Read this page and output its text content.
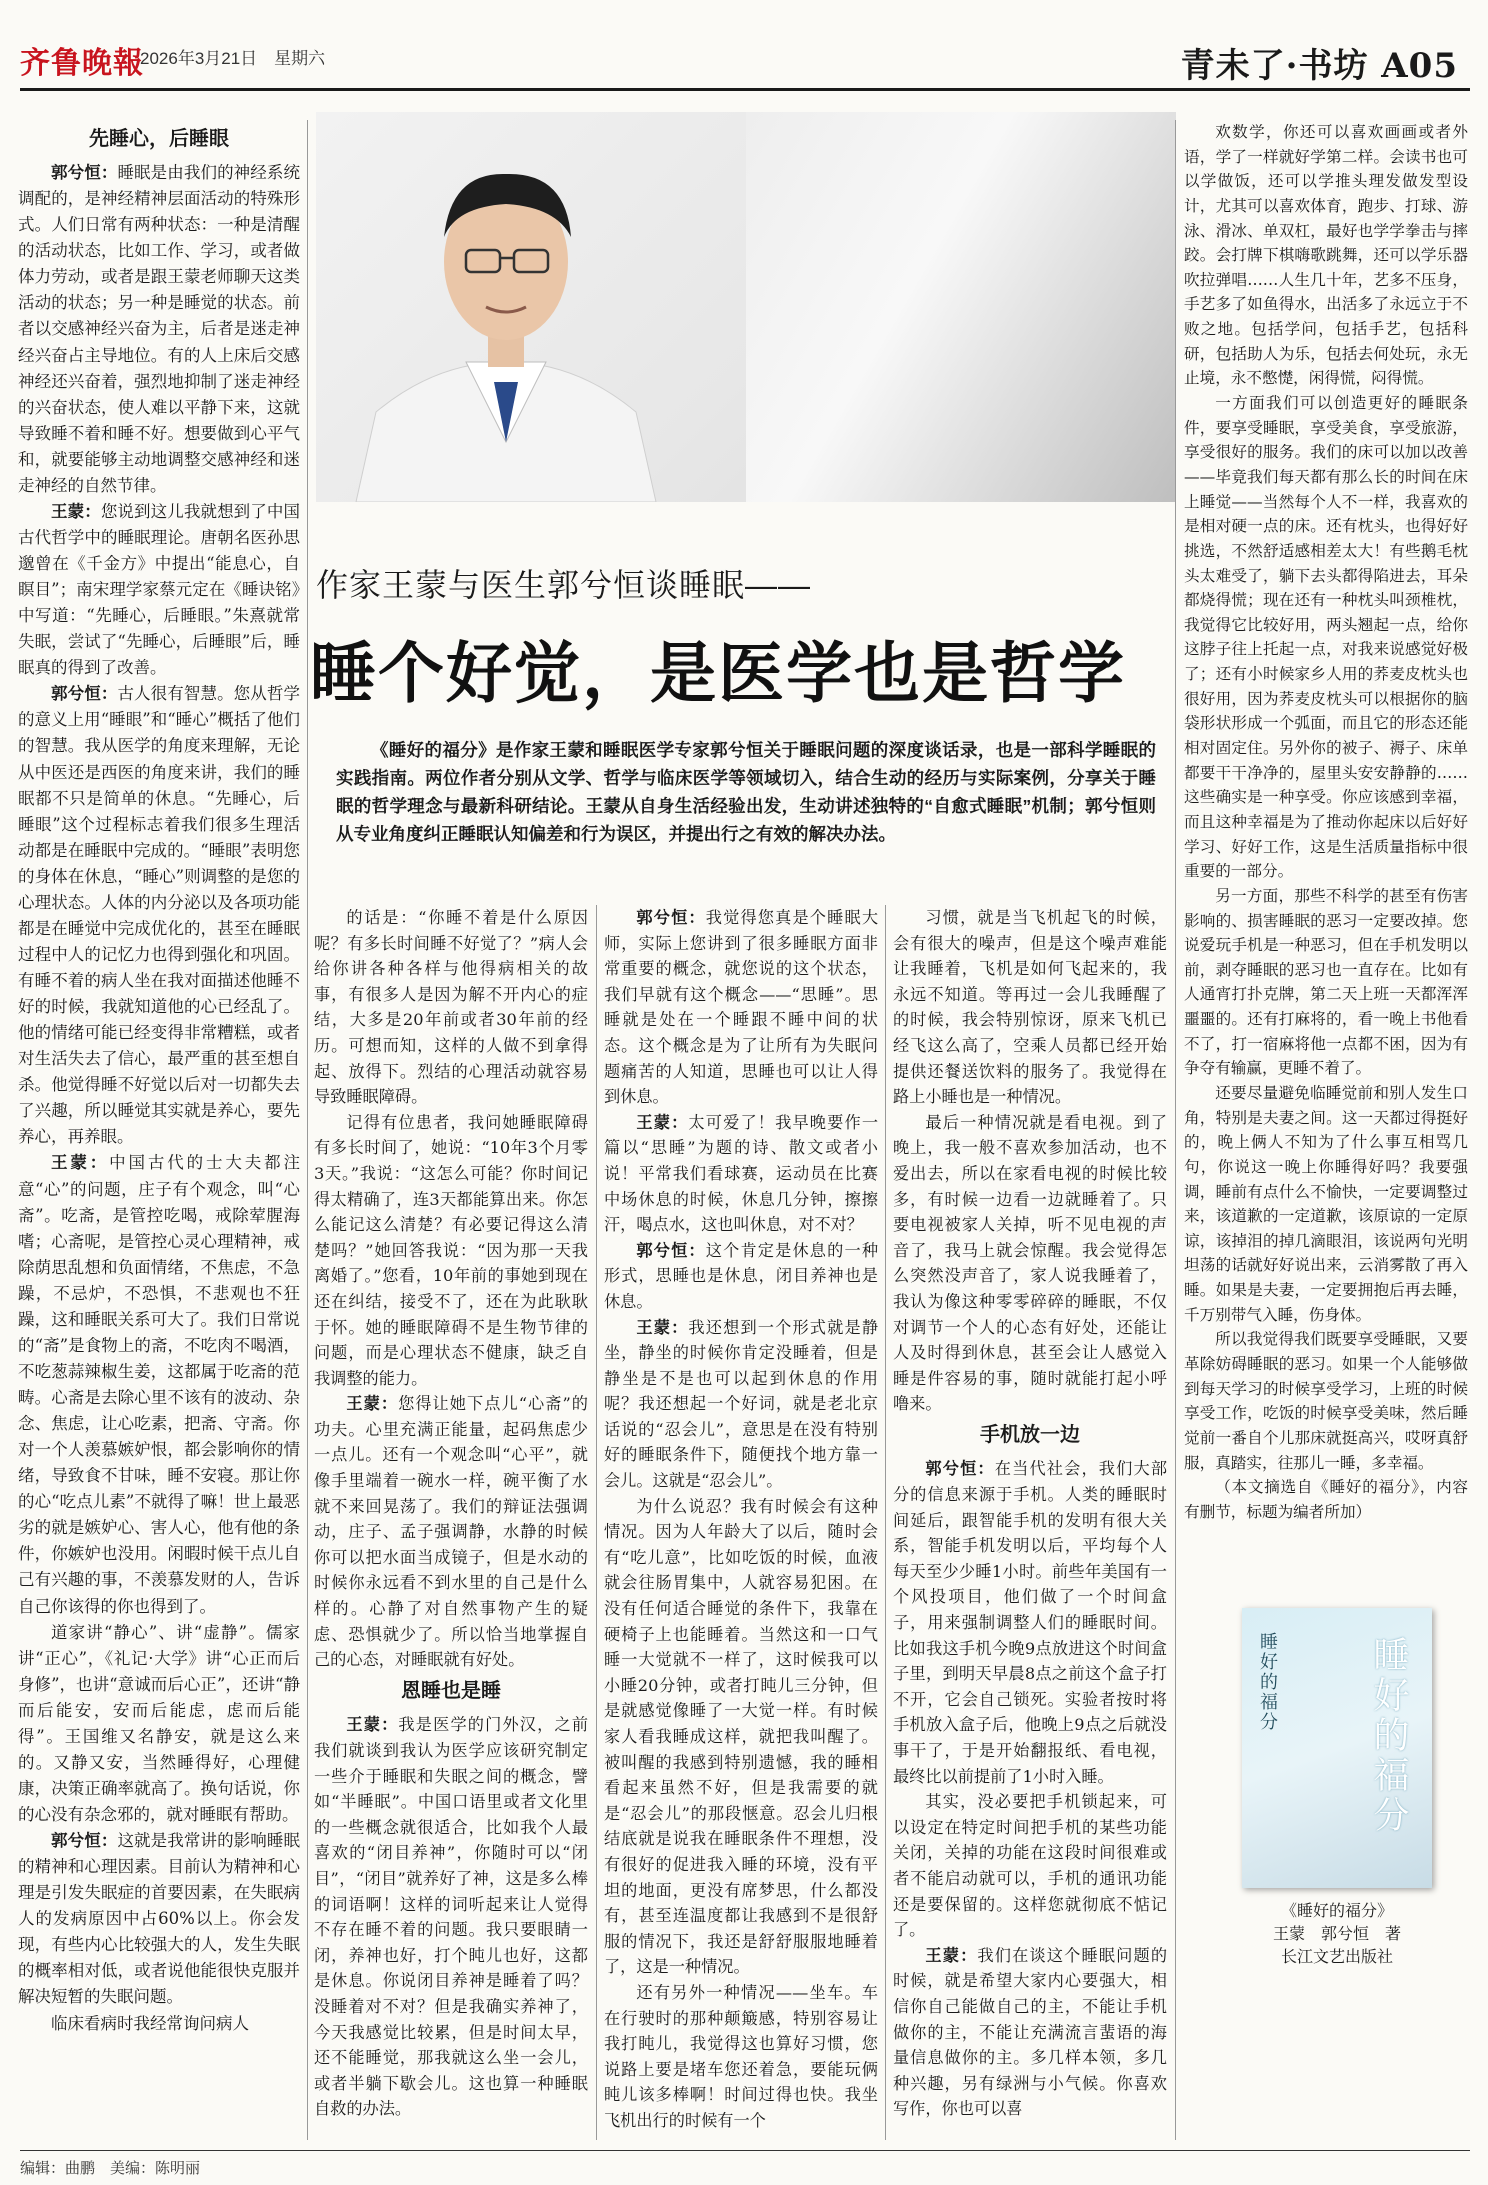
齐鲁晚報
2026年3月21日　星期六	青未了·书坊 A05
先睡心，后睡眼

郭兮恒：睡眠是由我们的神经系统调配的，是神经精神层面活动的特殊形式。人们日常有两种状态：一种是清醒的活动状态，比如工作、学习，或者做体力劳动，或者是跟王蒙老师聊天这类活动的状态；另一种是睡觉的状态。前者以交感神经兴奋为主，后者是迷走神经兴奋占主导地位。有的人上床后交感神经还兴奋着，强烈地抑制了迷走神经的兴奋状态，使人难以平静下来，这就导致睡不着和睡不好。想要做到心平气和，就要能够主动地调整交感神经和迷走神经的自然节律。

王蒙：您说到这儿我就想到了中国古代哲学中的睡眠理论。唐朝名医孙思邈曾在《千金方》中提出“能息心，自瞑目”；南宋理学家蔡元定在《睡诀铭》中写道：“先睡心，后睡眼。”朱熹就常失眠，尝试了“先睡心，后睡眼”后，睡眠真的得到了改善。

郭兮恒：古人很有智慧。您从哲学的意义上用“睡眼”和“睡心”概括了他们的智慧。我从医学的角度来理解，无论从中医还是西医的角度来讲，我们的睡眠都不只是简单的休息。“先睡心，后睡眼”这个过程标志着我们很多生理活动都是在睡眠中完成的。“睡眼”表明您的身体在休息，“睡心”则调整的是您的心理状态。人体的内分泌以及各项功能都是在睡觉中完成优化的，甚至在睡眠过程中人的记忆力也得到强化和巩固。有睡不着的病人坐在我对面描述他睡不好的时候，我就知道他的心已经乱了。他的情绪可能已经变得非常糟糕，或者对生活失去了信心，最严重的甚至想自杀。他觉得睡不好觉以后对一切都失去了兴趣，所以睡觉其实就是养心，要先养心，再养眼。

王蒙：中国古代的士大夫都注意“心”的问题，庄子有个观念，叫“心斋”。吃斋，是管控吃喝，戒除荤腥海嗜；心斋呢，是管控心灵心理精神，戒除荫思乱想和负面情绪，不焦虑，不急躁，不忌炉，不恐惧，不悲观也不狂躁，这和睡眠关系可大了。我们日常说的“斋”是食物上的斋，不吃肉不喝酒，不吃葱蒜辣椒生姜，这都属于吃斋的范畴。心斋是去除心里不该有的波动、杂念、焦虑，让心吃素，把斋、守斋。你对一个人羡慕嫉妒恨，都会影响你的情绪，导致食不甘味，睡不安寝。那让你的心“吃点儿素”不就得了嘛！世上最恶劣的就是嫉妒心、害人心，他有他的条件，你嫉妒也没用。闲暇时候干点儿自己有兴趣的事，不羡慕发财的人，告诉自己你该得的你也得到了。

道家讲“静心”、讲“虚静”。儒家讲“正心”，《礼记·大学》讲“心正而后身修”，也讲“意诚而后心正”，还讲“静而后能安，安而后能虑，虑而后能得”。王国维又名静安，就是这么来的。又静又安，当然睡得好，心理健康，决策正确率就高了。换句话说，你的心没有杂念邪的，就对睡眠有帮助。

郭兮恒：这就是我常讲的影响睡眠的精神和心理因素。目前认为精神和心理是引发失眠症的首要因素，在失眠病人的发病原因中占60%以上。你会发现，有些内心比较强大的人，发生失眠的概率相对低，或者说他能很快克服并解决短暂的失眠问题。

临床看病时我经常询问病人

作家王蒙与医生郭兮恒谈睡眠——
睡个好觉，是医学也是哲学

《睡好的福分》是作家王蒙和睡眠医学专家郭兮恒关于睡眠问题的深度谈话录，也是一部科学睡眠的实践指南。两位作者分别从文学、哲学与临床医学等领域切入，结合生动的经历与实际案例，分享关于睡眠的哲学理念与最新科研结论。王蒙从自身生活经验出发，生动讲述独特的“自愈式睡眠”机制；郭兮恒则从专业角度纠正睡眠认知偏差和行为误区，并提出行之有效的解决办法。

的话是：“你睡不着是什么原因呢？有多长时间睡不好觉了？”病人会给你讲各种各样与他得病相关的故事，有很多人是因为解不开内心的症结，大多是20年前或者30年前的经历。可想而知，这样的人做不到拿得起、放得下。烈结的心理活动就容易导致睡眠障碍。

记得有位患者，我问她睡眠障碍有多长时间了，她说：“10年3个月零3天。”我说：“这怎么可能？你时间记得太精确了，连3天都能算出来。你怎么能记这么清楚？有必要记得这么清楚吗？”她回答我说：“因为那一天我离婚了。”您看，10年前的事她到现在还在纠结，接受不了，还在为此耿耿于怀。她的睡眠障碍不是生物节律的问题，而是心理状态不健康，缺乏自我调整的能力。

王蒙：您得让她下点儿“心斋”的功夫。心里充满正能量，起码焦虑少一点儿。还有一个观念叫“心平”，就像手里端着一碗水一样，碗平衡了水就不来回晃荡了。我们的辩证法强调动，庄子、孟子强调静，水静的时候你可以把水面当成镜子，但是水动的时候你永远看不到水里的自己是什么样的。心静了对自然事物产生的疑虑、恐惧就少了。所以恰当地掌握自己的心态，对睡眠就有好处。

恩睡也是睡

王蒙：我是医学的门外汉，之前我们就谈到我认为医学应该研究制定一些介于睡眠和失眠之间的概念，譬如“半睡眠”。中国口语里或者文化里的一些概念就很适合，比如我个人最喜欢的“闭目养神”，你随时可以“闭目”，“闭目”就养好了神，这是多么棒的词语啊！这样的词听起来让人觉得不存在睡不着的问题。我只要眼睛一闭，养神也好，打个盹儿也好，这都是休息。你说闭目养神是睡着了吗？没睡着对不对？但是我确实养神了，今天我感觉比较累，但是时间太早，还不能睡觉，那我就这么坐一会儿，或者半躺下歇会儿。这也算一种睡眠自救的办法。

郭兮恒：我觉得您真是个睡眠大师，实际上您讲到了很多睡眠方面非常重要的概念，就您说的这个状态，我们早就有这个概念——“思睡”。思睡就是处在一个睡跟不睡中间的状态。这个概念是为了让所有为失眠问题痛苦的人知道，思睡也可以让人得到休息。

王蒙：太可爱了！我早晚要作一篇以“思睡”为题的诗、散文或者小说！平常我们看球赛，运动员在比赛中场休息的时候，休息几分钟，擦擦汗，喝点水，这也叫休息，对不对？

郭兮恒：这个肯定是休息的一种形式，思睡也是休息，闭目养神也是休息。

王蒙：我还想到一个形式就是静坐，静坐的时候你肯定没睡着，但是静坐是不是也可以起到休息的作用呢？我还想起一个好词，就是老北京话说的“忍会儿”，意思是在没有特别好的睡眠条件下，随便找个地方靠一会儿。这就是“忍会儿”。

为什么说忍？我有时候会有这种情况。因为人年龄大了以后，随时会有“吃儿意”，比如吃饭的时候，血液就会往肠胃集中，人就容易犯困。在没有任何适合睡觉的条件下，我靠在硬椅子上也能睡着。当然这和一口气睡一大觉就不一样了，这时候我可以小睡20分钟，或者打盹儿三分钟，但是就感觉像睡了一大觉一样。有时候家人看我睡成这样，就把我叫醒了。被叫醒的我感到特别遗憾，我的睡相看起来虽然不好，但是我需要的就是“忍会儿”的那段惬意。忍会儿归根结底就是说我在睡眠条件不理想，没有很好的促进我入睡的环境，没有平坦的地面，更没有席梦思，什么都没有，甚至连温度都让我感到不是很舒服的情况下，我还是舒舒服服地睡着了，这是一种情况。

还有另外一种情况——坐车。车在行驶时的那种颠簸感，特别容易让我打盹儿，我觉得这也算好习惯，您说路上要是堵车您还着急，要能玩俩盹儿该多棒啊！时间过得也快。我坐飞机出行的时候有一个

习惯，就是当飞机起飞的时候，会有很大的噪声，但是这个噪声难能让我睡着，飞机是如何飞起来的，我永远不知道。等再过一会儿我睡醒了的时候，我会特别惊讶，原来飞机已经飞这么高了，空乘人员都已经开始提供还餐送饮料的服务了。我觉得在路上小睡也是一种情况。

最后一种情况就是看电视。到了晚上，我一般不喜欢参加活动，也不爱出去，所以在家看电视的时候比较多，有时候一边看一边就睡着了。只要电视被家人关掉，听不见电视的声音了，我马上就会惊醒。我会觉得怎么突然没声音了，家人说我睡着了，我认为像这种零零碎碎的睡眠，不仅对调节一个人的心态有好处，还能让人及时得到休息，甚至会让人感觉入睡是件容易的事，随时就能打起小呼噜来。

手机放一边

郭兮恒：在当代社会，我们大部分的信息来源于手机。人类的睡眠时间延后，跟智能手机的发明有很大关系，智能手机发明以后，平均每个人每天至少少睡1小时。前些年美国有一个风投项目，他们做了一个时间盒子，用来强制调整人们的睡眠时间。比如我这手机今晚9点放进这个时间盒子里，到明天早晨8点之前这个盒子打不开，它会自己锁死。实验者按时将手机放入盒子后，他晚上9点之后就没事干了，于是开始翻报纸、看电视，最终比以前提前了1小时入睡。

其实，没必要把手机锁起来，可以设定在特定时间把手机的某些功能关闭，关掉的功能在这段时间很难或者不能启动就可以，手机的通讯功能还是要保留的。这样您就彻底不惦记了。

王蒙：我们在谈这个睡眠问题的时候，就是希望大家内心要强大，相信你自己能做自己的主，不能让手机做你的主，不能让充满流言蜚语的海量信息做你的主。多几样本领，多几种兴趣，另有绿洲与小气候。你喜欢写作，你也可以喜

欢数学，你还可以喜欢画画或者外语，学了一样就好学第二样。会读书也可以学做饭，还可以学推头理发做发型设计，尤其可以喜欢体育，跑步、打球、游泳、滑冰、单双杠，最好也学学拳击与摔跤。会打牌下棋嗨歌跳舞，还可以学乐器吹拉弹唱……人生几十年，艺多不压身，手艺多了如鱼得水，出活多了永远立于不败之地。包括学问，包括手艺，包括科研，包括助人为乐，包括去何处玩，永无止境，永不憋憷，闲得慌，闷得慌。

一方面我们可以创造更好的睡眠条件，要享受睡眠，享受美食，享受旅游，享受很好的服务。我们的床可以加以改善——毕竟我们每天都有那么长的时间在床上睡觉——当然每个人不一样，我喜欢的是相对硬一点的床。还有枕头，也得好好挑选，不然舒适感相差太大！有些鹅毛枕头太难受了，躺下去头都得陷进去，耳朵都烧得慌；现在还有一种枕头叫颈椎枕，我觉得它比较好用，两头翘起一点，给你这脖子往上托起一点，对我来说感觉好极了；还有小时候家乡人用的荞麦皮枕头也很好用，因为荞麦皮枕头可以根据你的脑袋形状形成一个弧面，而且它的形态还能相对固定住。另外你的被子、褥子、床单都要干干净净的，屋里头安安静静的……这些确实是一种享受。你应该感到幸福，而且这种幸福是为了推动你起床以后好好学习、好好工作，这是生活质量指标中很重要的一部分。

另一方面，那些不科学的甚至有伤害影响的、损害睡眠的恶习一定要改掉。您说爱玩手机是一种恶习，但在手机发明以前，剥夺睡眠的恶习也一直存在。比如有人通宵打扑克牌，第二天上班一天都浑浑噩噩的。还有打麻将的，看一晚上书他看不了，打一宿麻将他一点都不困，因为有争夺有输赢，更睡不着了。

还要尽量避免临睡觉前和别人发生口角，特别是夫妻之间。这一天都过得挺好的，晚上俩人不知为了什么事互相骂几句，你说这一晚上你睡得好吗？我要强调，睡前有点什么不愉快，一定要调整过来，该道歉的一定道歉，该原谅的一定原谅，该掉泪的掉几滴眼泪，该说两句光明坦荡的话就好好说出来，云消雾散了再入睡。如果是夫妻，一定要拥抱后再去睡，千万别带气入睡，伤身体。

所以我觉得我们既要享受睡眠，又要革除妨碍睡眠的恶习。如果一个人能够做到每天学习的时候享受学习，上班的时候享受工作，吃饭的时候享受美味，然后睡觉前一番自个儿那床就挺高兴，哎呀真舒服，真踏实，往那儿一睡，多幸福。

（本文摘选自《睡好的福分》，内容有删节，标题为编者所加）

睡好的福分	睡好的福分
《睡好的福分》
王蒙　郭兮恒　著
长江文艺出版社
编辑：曲鹏　美编：陈明丽
